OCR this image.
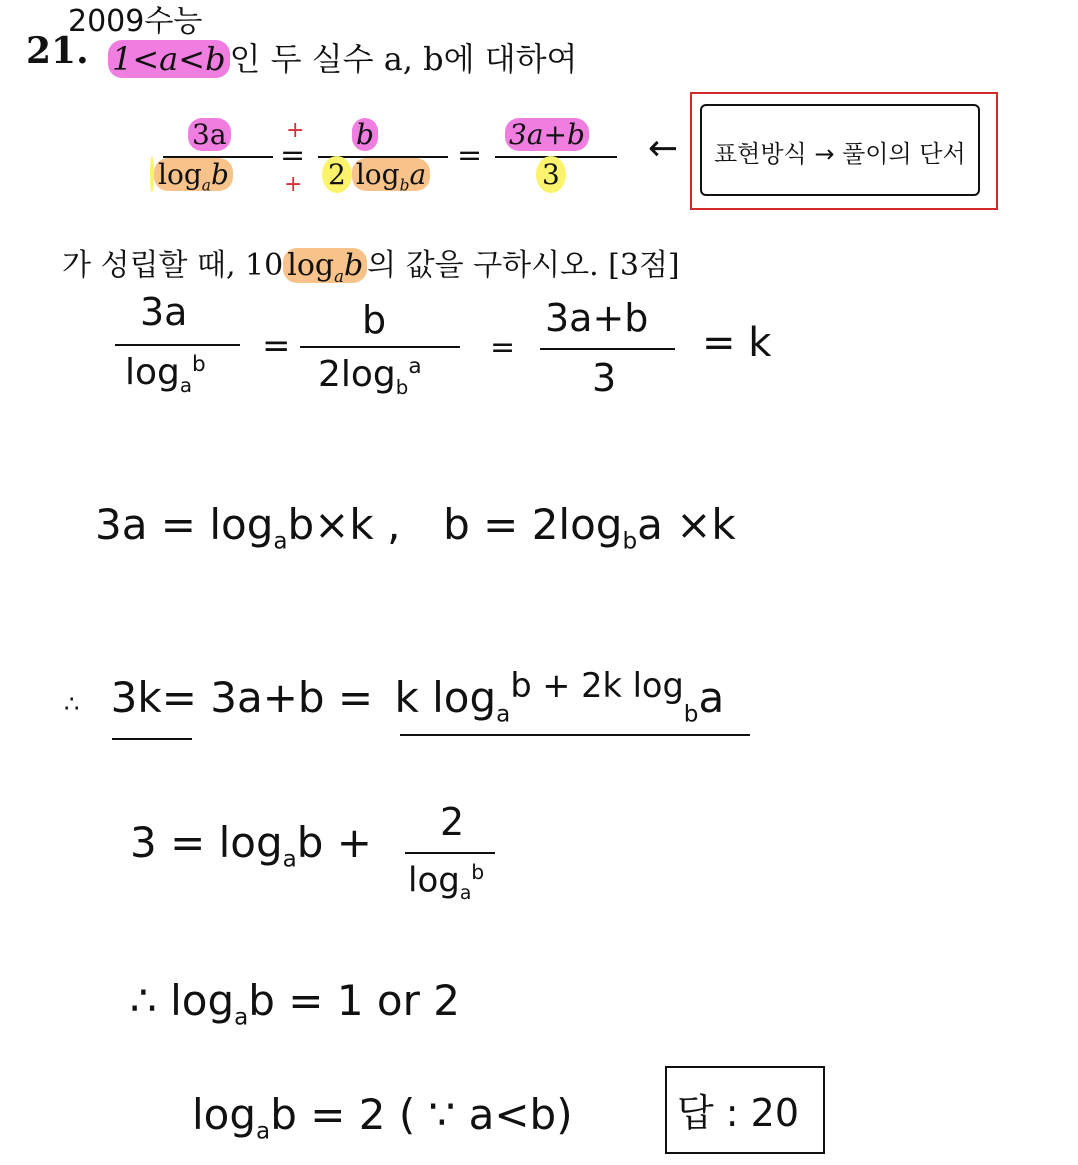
2009수능
21. 1<a<b 인 두 실수 a, b에 대하여
3a
$\log_ab$
=
+
+
b
2 $\log_ba$
=
3a+b
3
← 표현방식 → 풀이의 단서
가 성립할 때, 10 $\log_ab$ 의 값을 구하시오. [3점]
3a
$\log_a^b$ =
b
$2\log_b^a$
=
3a+b
3
= k
$3a = \log_ab\times k$ , $b = 2\log_ba \times k$
∴ 3k= 3a+b = k $\log_a^{b + 2k log}_ba$
$3 = \log_ab + 2$
$\log_a^b$
∴ $\log_ab = 1$ or 2
$\log_ab = 2$ ( ∵ a<b)	답 : 20
